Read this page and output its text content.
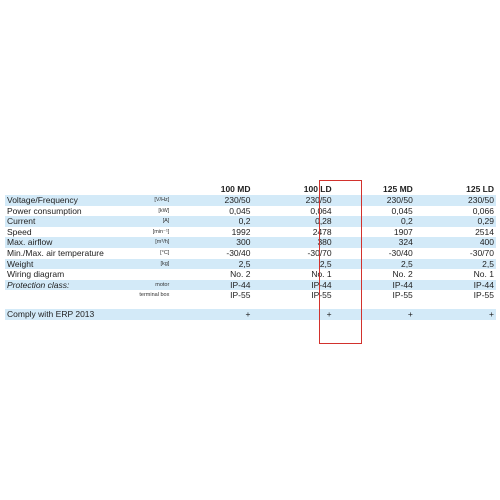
		100 MD	100 LD	125 MD	125 LD
Voltage/Frequency	[V/Hz]	230/50	230/50	230/50	230/50
Power consumption	[kW]	0,045	0,064	0,045	0,066
Current	[A]	0,2	0,28	0,2	0,29
Speed	[min⁻¹]	1992	2478	1907	2514
Max. airflow	[m³/h]	300	380	324	400
Min./Max. air temperature	[°C]	-30/40	-30/70	-30/40	-30/70
Weight	[kg]	2,5	2,5	2,5	2,5
Wiring diagram		No. 2	No. 1	No. 2	No. 1
Protection class:	motor	IP-44	IP-44	IP-44	IP-44
	terminal box	IP-55	IP-55	IP-55	IP-55

Comply with ERP 2013		+	+	+	+
